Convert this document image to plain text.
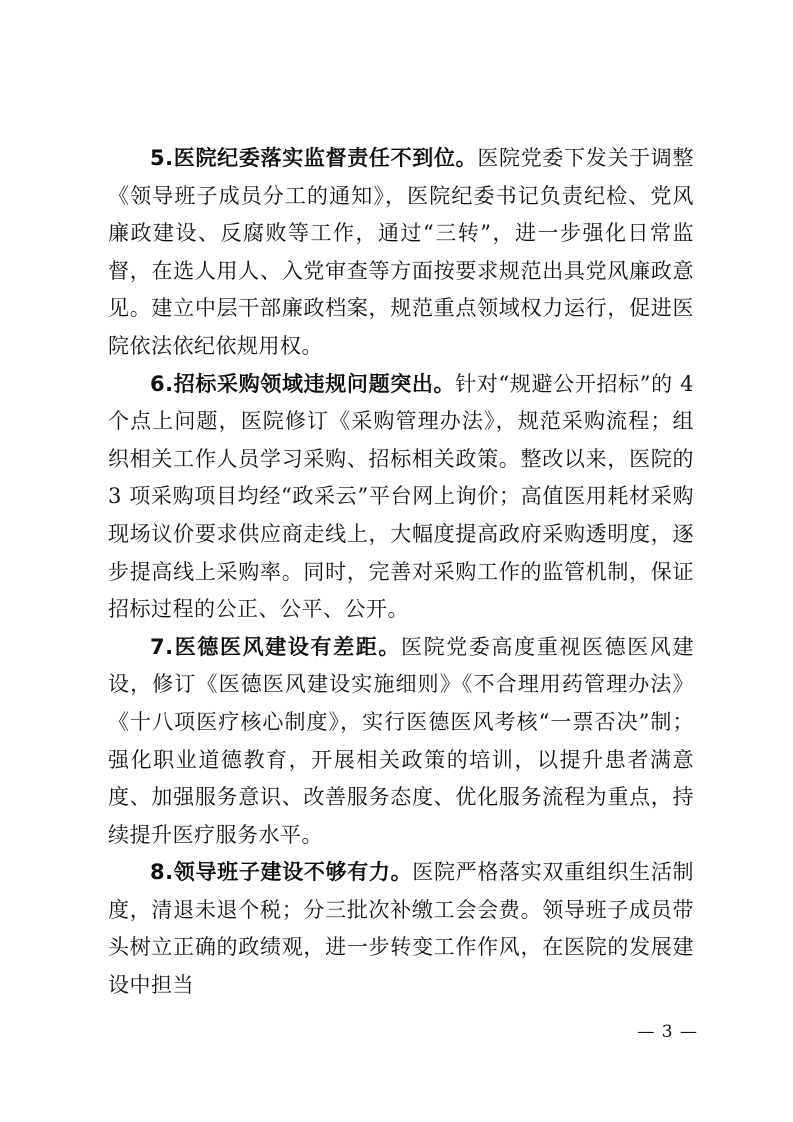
5.医院纪委落实监督责任不到位。医院党委下发关于调整《领导班子成员分工的通知》，医院纪委书记负责纪检、党风廉政建设、反腐败等工作，通过“三转”，进一步强化日常监督，在选人用人、入党审查等方面按要求规范出具党风廉政意见。建立中层干部廉政档案，规范重点领域权力运行，促进医院依法依纪依规用权。

6.招标采购领域违规问题突出。针对“规避公开招标”的 4 个点上问题，医院修订《采购管理办法》，规范采购流程；组织相关工作人员学习采购、招标相关政策。整改以来，医院的 3 项采购项目均经“政采云”平台网上询价；高值医用耗材采购现场议价要求供应商走线上，大幅度提高政府采购透明度，逐步提高线上采购率。同时，完善对采购工作的监管机制，保证招标过程的公正、公平、公开。

7.医德医风建设有差距。医院党委高度重视医德医风建设，修订《医德医风建设实施细则》《不合理用药管理办法》《十八项医疗核心制度》，实行医德医风考核“一票否决”制；强化职业道德教育，开展相关政策的培训，以提升患者满意度、加强服务意识、改善服务态度、优化服务流程为重点，持续提升医疗服务水平。

8.领导班子建设不够有力。医院严格落实双重组织生活制度，清退未退个税；分三批次补缴工会会费。领导班子成员带头树立正确的政绩观，进一步转变工作作风，在医院的发展建设中担当

— 3 —
